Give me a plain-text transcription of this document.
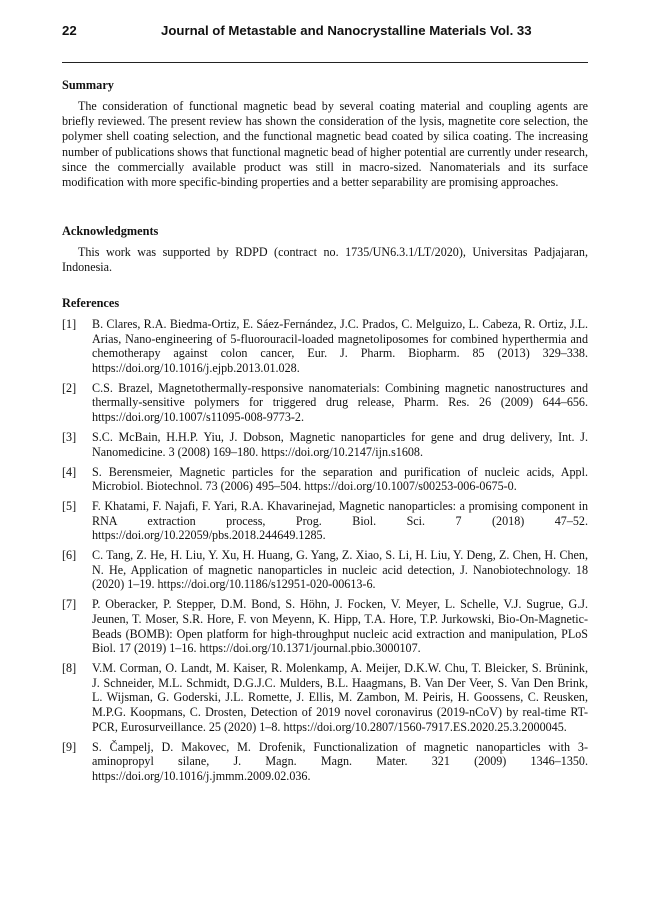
22	Journal of Metastable and Nanocrystalline Materials Vol. 33
Summary
The consideration of functional magnetic bead by several coating material and coupling agents are briefly reviewed. The present review has shown the consideration of the lysis, magnetite core selection, the polymer shell coating selection, and the functional magnetic bead coated by silica coating. The increasing number of publications shows that functional magnetic bead of higher potential are currently under research, since the commercially available product was still in macro-sized. Nanomaterials and its surface modification with more specific-binding properties and a better separability are promising approaches.
Acknowledgments
This work was supported by RDPD (contract no. 1735/UN6.3.1/LT/2020), Universitas Padjajaran, Indonesia.
References
[1] B. Clares, R.A. Biedma-Ortiz, E. Sáez-Fernández, J.C. Prados, C. Melguizo, L. Cabeza, R. Ortiz, J.L. Arias, Nano-engineering of 5-fluorouracil-loaded magnetoliposomes for combined hyperthermia and chemotherapy against colon cancer, Eur. J. Pharm. Biopharm. 85 (2013) 329–338. https://doi.org/10.1016/j.ejpb.2013.01.028.
[2] C.S. Brazel, Magnetothermally-responsive nanomaterials: Combining magnetic nanostructures and thermally-sensitive polymers for triggered drug release, Pharm. Res. 26 (2009) 644–656. https://doi.org/10.1007/s11095-008-9773-2.
[3] S.C. McBain, H.H.P. Yiu, J. Dobson, Magnetic nanoparticles for gene and drug delivery, Int. J. Nanomedicine. 3 (2008) 169–180. https://doi.org/10.2147/ijn.s1608.
[4] S. Berensmeier, Magnetic particles for the separation and purification of nucleic acids, Appl. Microbiol. Biotechnol. 73 (2006) 495–504. https://doi.org/10.1007/s00253-006-0675-0.
[5] F. Khatami, F. Najafi, F. Yari, R.A. Khavarinejad, Magnetic nanoparticles: a promising component in RNA extraction process, Prog. Biol. Sci. 7 (2018) 47–52. https://doi.org/10.22059/pbs.2018.244649.1285.
[6] C. Tang, Z. He, H. Liu, Y. Xu, H. Huang, G. Yang, Z. Xiao, S. Li, H. Liu, Y. Deng, Z. Chen, H. Chen, N. He, Application of magnetic nanoparticles in nucleic acid detection, J. Nanobiotechnology. 18 (2020) 1–19. https://doi.org/10.1186/s12951-020-00613-6.
[7] P. Oberacker, P. Stepper, D.M. Bond, S. Höhn, J. Focken, V. Meyer, L. Schelle, V.J. Sugrue, G.J. Jeunen, T. Moser, S.R. Hore, F. von Meyenn, K. Hipp, T.A. Hore, T.P. Jurkowski, Bio-On-Magnetic-Beads (BOMB): Open platform for high-throughput nucleic acid extraction and manipulation, PLoS Biol. 17 (2019) 1–16. https://doi.org/10.1371/journal.pbio.3000107.
[8] V.M. Corman, O. Landt, M. Kaiser, R. Molenkamp, A. Meijer, D.K.W. Chu, T. Bleicker, S. Brünink, J. Schneider, M.L. Schmidt, D.G.J.C. Mulders, B.L. Haagmans, B. Van Der Veer, S. Van Den Brink, L. Wijsman, G. Goderski, J.L. Romette, J. Ellis, M. Zambon, M. Peiris, H. Goossens, C. Reusken, M.P.G. Koopmans, C. Drosten, Detection of 2019 novel coronavirus (2019-nCoV) by real-time RT-PCR, Eurosurveillance. 25 (2020) 1–8. https://doi.org/10.2807/1560-7917.ES.2020.25.3.2000045.
[9] S. Čampelj, D. Makovec, M. Drofenik, Functionalization of magnetic nanoparticles with 3-aminopropyl silane, J. Magn. Magn. Mater. 321 (2009) 1346–1350. https://doi.org/10.1016/j.jmmm.2009.02.036.
